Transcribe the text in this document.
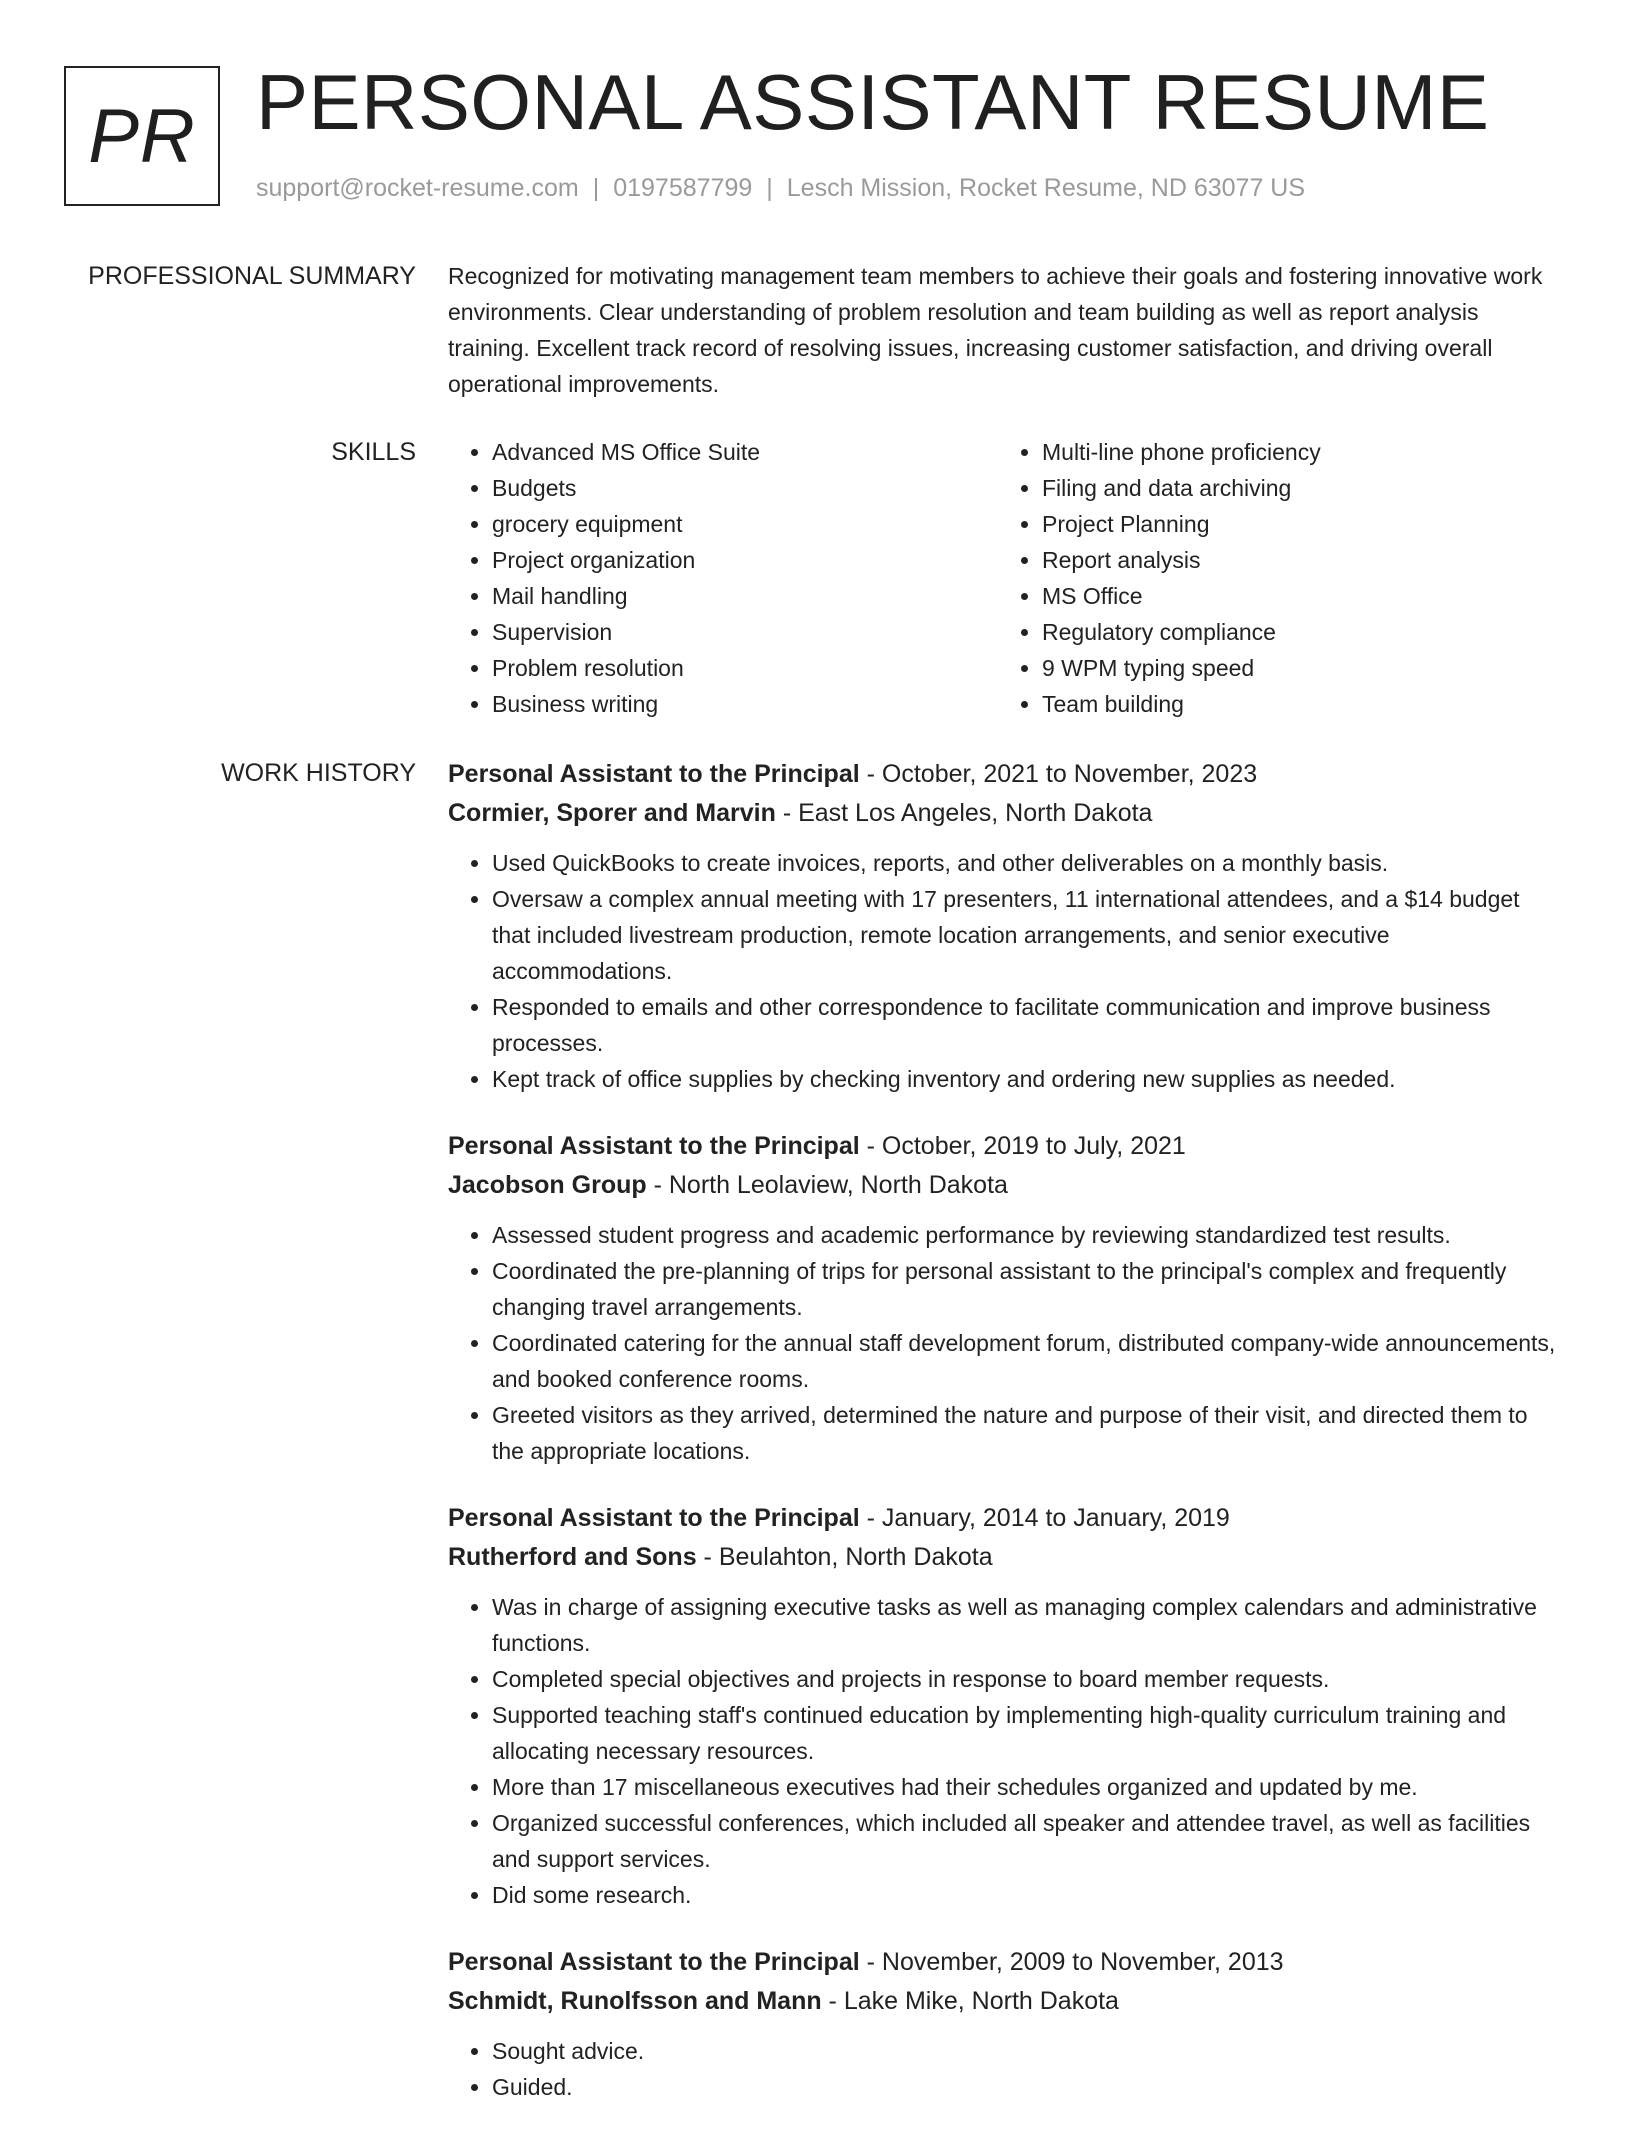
PR PERSONAL ASSISTANT RESUME
support@rocket-resume.com | 0197587799 | Lesch Mission, Rocket Resume, ND 63077 US
PROFESSIONAL SUMMARY Recognized for motivating management team members to achieve their goals and fostering innovative work environments. Clear understanding of problem resolution and team building as well as report analysis training. Excellent track record of resolving issues, increasing customer satisfaction, and driving overall operational improvements.

SKILLS
•	Advanced MS Office Suite
• Budgets
• grocery equipment
• Project organization
• Mail handling
• Supervision
• Problem resolution
• Business writing
• Multi-line phone proficiency
• Filing and data archiving
• Project Planning
• Report analysis
• MS Office
• Regulatory compliance
• 9 WPM typing speed
• Team building
WORK HISTORY Personal Assistant to the Principal - October, 2021 to November, 2023
Cormier, Sporer and Marvin - East Los Angeles, North Dakota
• Used QuickBooks to create invoices, reports, and other deliverables on a monthly basis.
• Oversaw a complex annual meeting with 17 presenters, 11 international attendees, and a $14 budget that included livestream production, remote location arrangements, and senior executive accommodations.
• Responded to emails and other correspondence to facilitate communication and improve business processes.
• Kept track of office supplies by checking inventory and ordering new supplies as needed.
Personal Assistant to the Principal - October, 2019 to July, 2021
Jacobson Group - North Leolaview, North Dakota
• Assessed student progress and academic performance by reviewing standardized test results.
• Coordinated the pre-planning of trips for personal assistant to the principal's complex and frequently changing travel arrangements.
• Coordinated catering for the annual staff development forum, distributed company-wide announcements, and booked conference rooms.
• Greeted visitors as they arrived, determined the nature and purpose of their visit, and directed them to the appropriate locations.
Personal Assistant to the Principal - January, 2014 to January, 2019
Rutherford and Sons - Beulahton, North Dakota
• Was in charge of assigning executive tasks as well as managing complex calendars and administrative functions.
• Completed special objectives and projects in response to board member requests.
• Supported teaching staff's continued education by implementing high-quality curriculum training and allocating necessary resources.
• More than 17 miscellaneous executives had their schedules organized and updated by me.
• Organized successful conferences, which included all speaker and attendee travel, as well as facilities and support services.
• Did some research.
Personal Assistant to the Principal - November, 2009 to November, 2013
Schmidt, Runolfsson and Mann - Lake Mike, North Dakota
• Sought advice.
• Guided.
